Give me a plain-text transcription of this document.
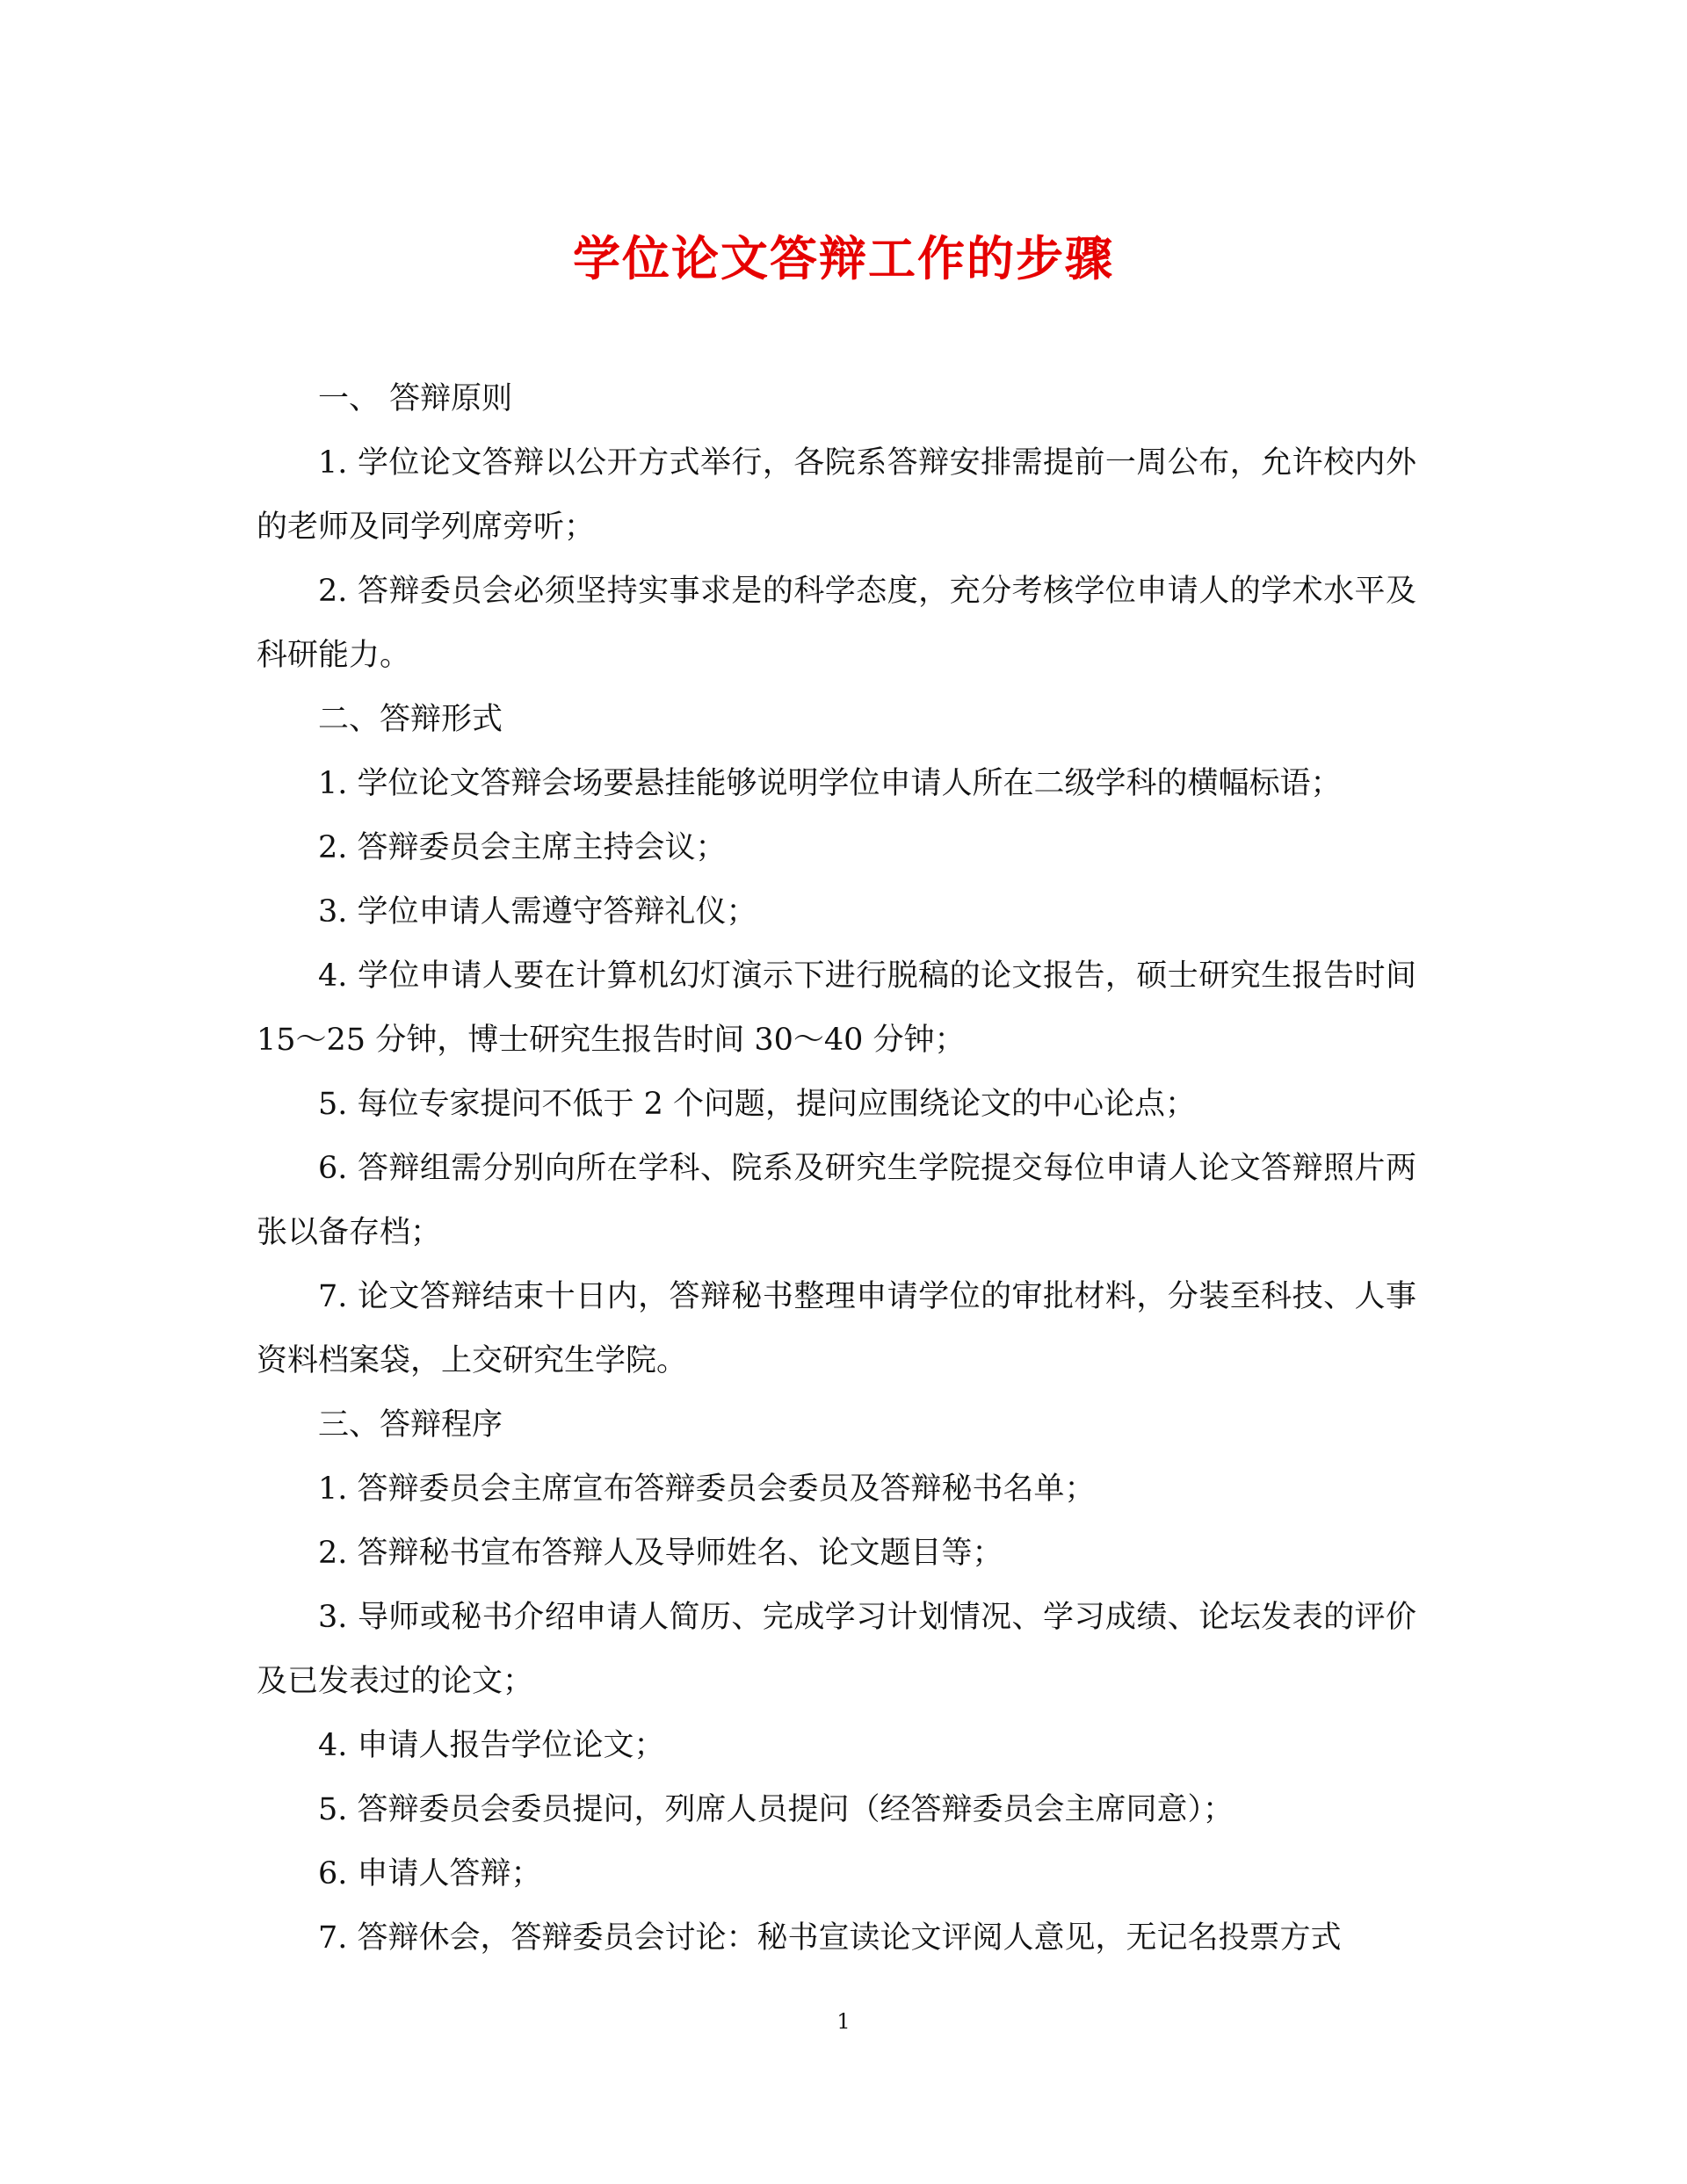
学位论文答辩工作的步骤

一、 答辩原则

1. 学位论文答辩以公开方式举行，各院系答辩安排需提前一周公布，允许校内外的老师及同学列席旁听；

2. 答辩委员会必须坚持实事求是的科学态度，充分考核学位申请人的学术水平及科研能力。

二、答辩形式

1. 学位论文答辩会场要悬挂能够说明学位申请人所在二级学科的横幅标语；

2. 答辩委员会主席主持会议；

3. 学位申请人需遵守答辩礼仪；

4. 学位申请人要在计算机幻灯演示下进行脱稿的论文报告，硕士研究生报告时间 15～25 分钟，博士研究生报告时间 30～40 分钟；

5. 每位专家提问不低于 2 个问题，提问应围绕论文的中心论点；

6. 答辩组需分别向所在学科、院系及研究生学院提交每位申请人论文答辩照片两张以备存档；

7. 论文答辩结束十日内，答辩秘书整理申请学位的审批材料，分装至科技、人事资料档案袋，上交研究生学院。

三、答辩程序

1. 答辩委员会主席宣布答辩委员会委员及答辩秘书名单；

2. 答辩秘书宣布答辩人及导师姓名、论文题目等；

3. 导师或秘书介绍申请人简历、完成学习计划情况、学习成绩、论坛发表的评价及已发表过的论文；

4. 申请人报告学位论文；

5. 答辩委员会委员提问，列席人员提问（经答辩委员会主席同意）；

6. 申请人答辩；

7. 答辩休会，答辩委员会讨论：秘书宣读论文评阅人意见，无记名投票方式

1
